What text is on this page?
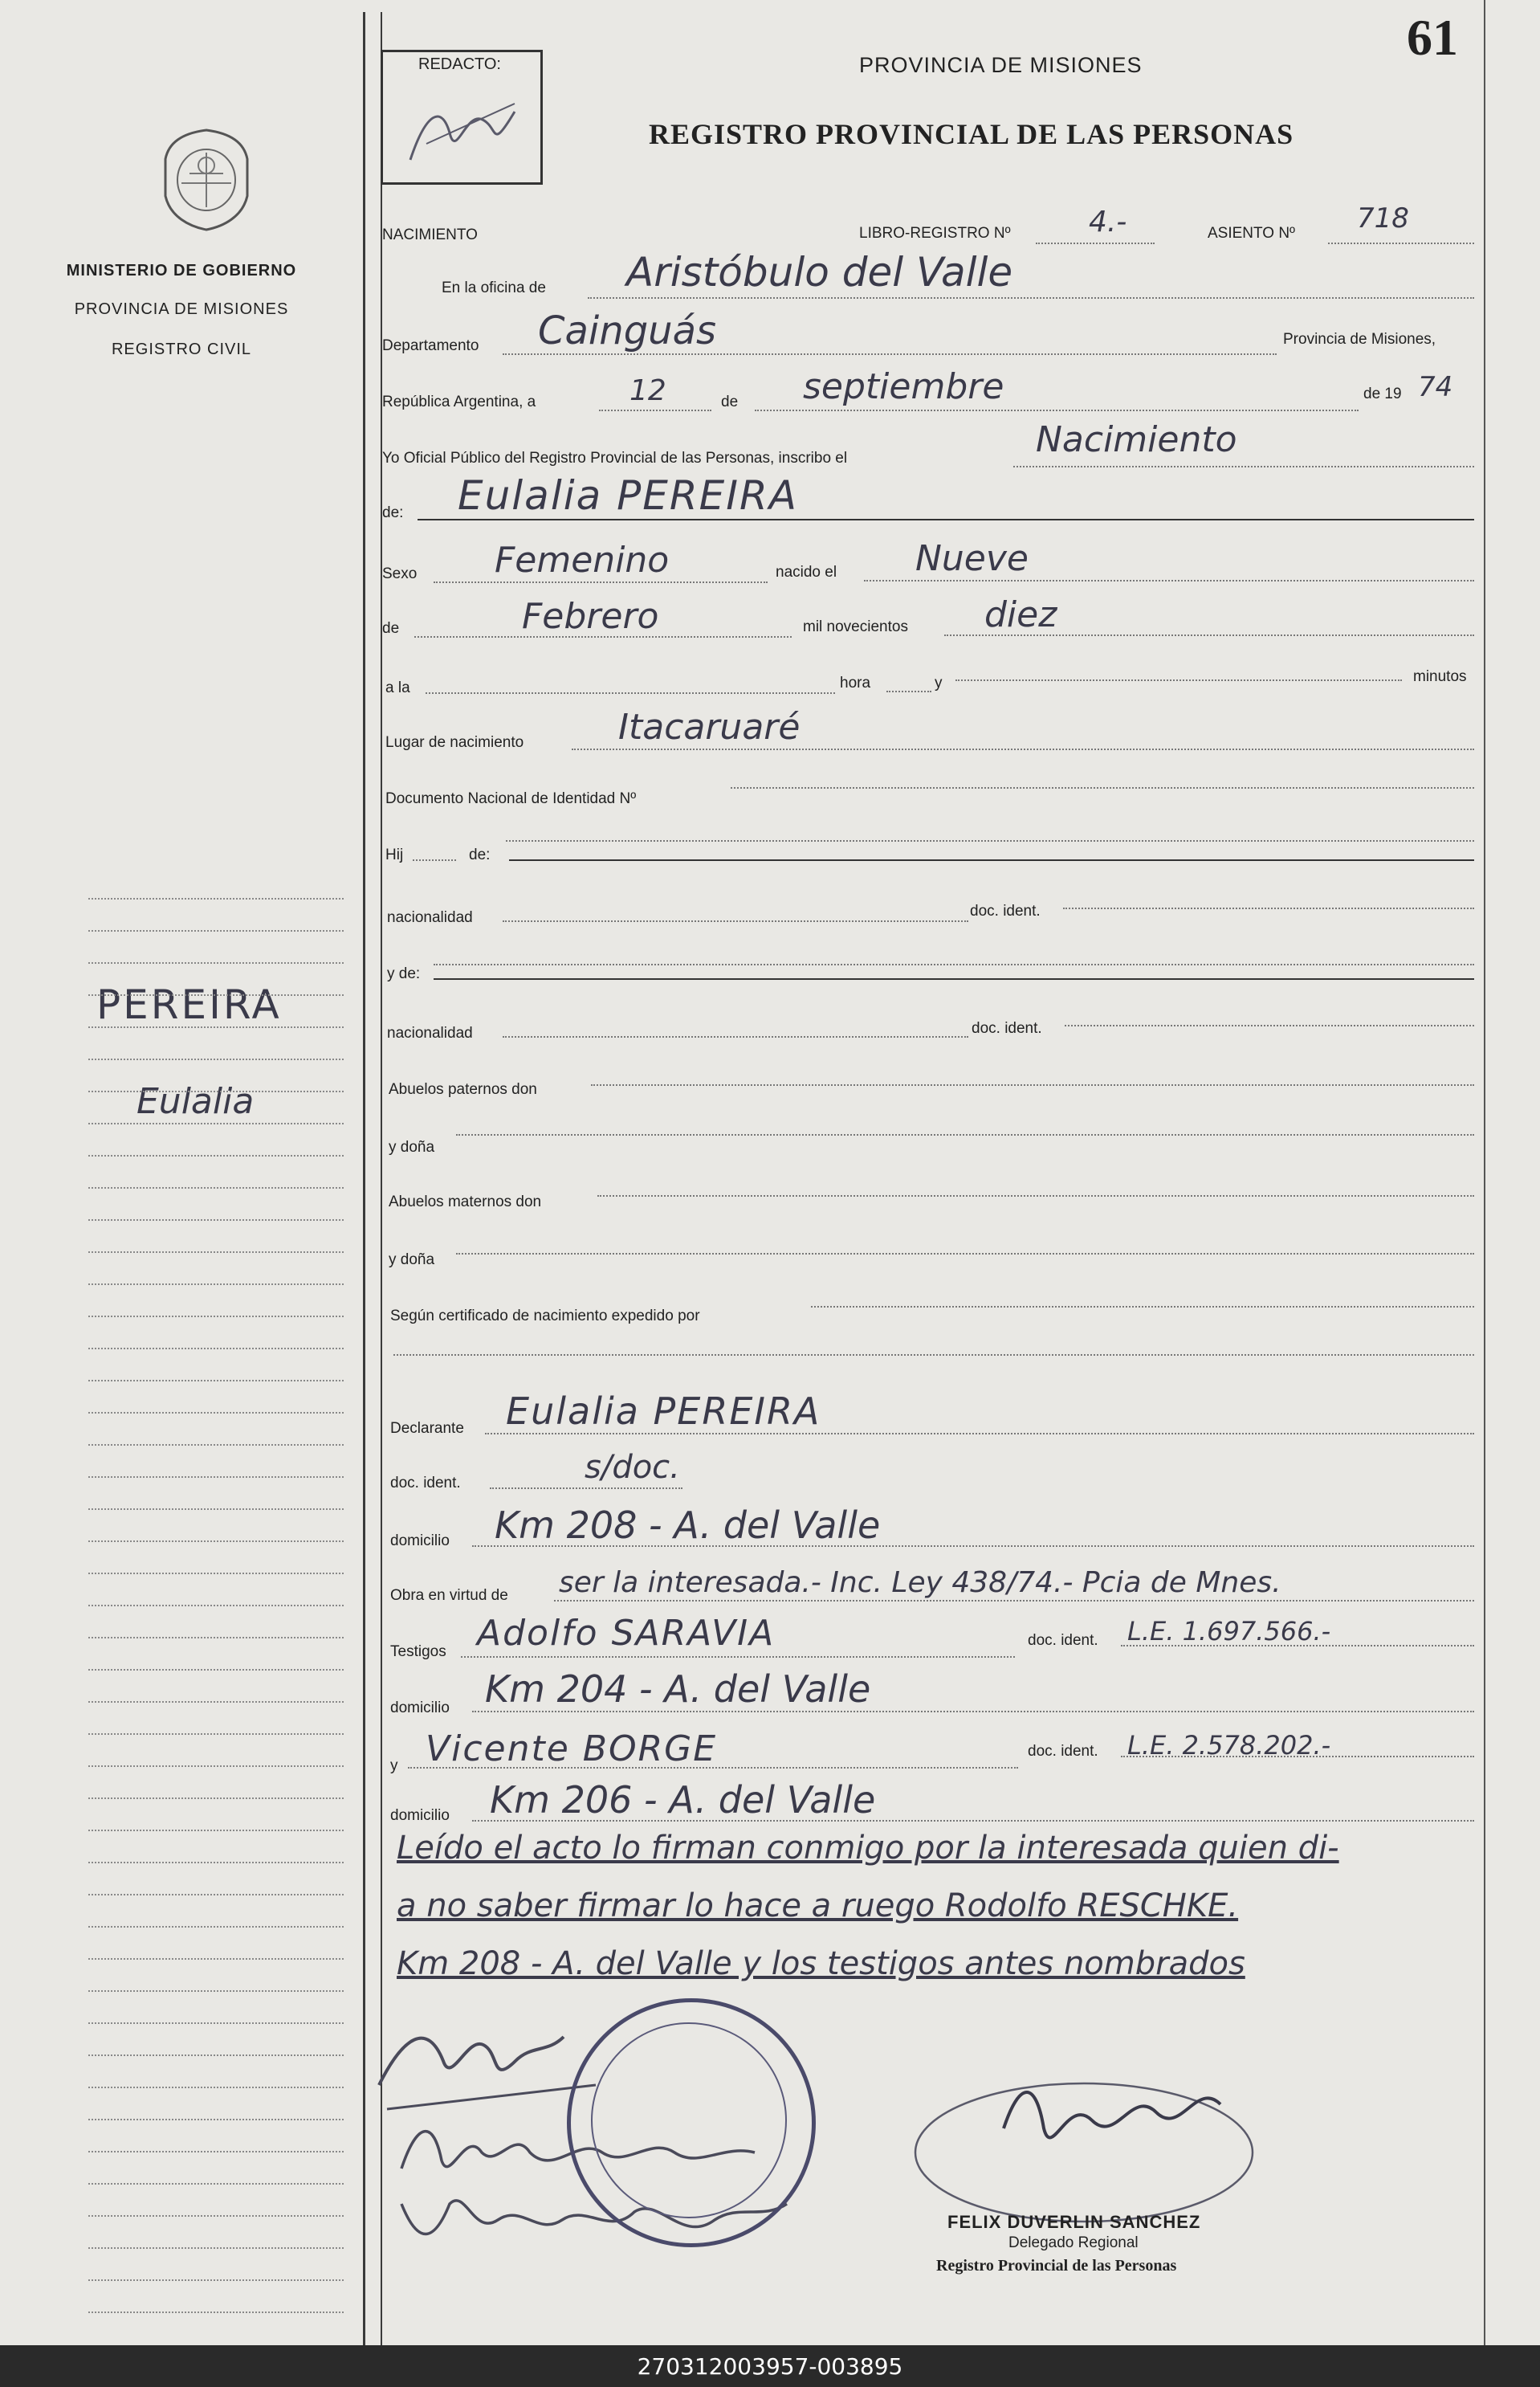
MINISTERIO DE GOBIERNO
PROVINCIA DE MISIONES
REGISTRO CIVIL
PEREIRA
Eulalia
61
REDACTO:	PROVINCIA DE MISIONES
REGISTRO PROVINCIAL DE LAS PERSONAS
NACIMIENTO	LIBRO-REGISTRO Nº	4.-	ASIENTO Nº 718
En la oficina de Aristóbulo del Valle
Departamento Cainguás	Provincia de Misiones,
República Argentina, a	12	de septiembre	de 19 74
Yo Oficial Público del Registro Provincial de las Personas, inscribo el	Nacimiento
de: Eulalia PEREIRA
Sexo Femenino	nacido el Nueve
de	Febrero	mil novecientos diez
a la	hora	y	minutos
Lugar de nacimiento	Itacaruaré
Documento Nacional de Identidad Nº
Hij	de:
nacionalidad	doc. ident.
y de:
nacionalidad	doc. ident.
Abuelos paternos don
y doña
Abuelos maternos don
y doña
Según certificado de nacimiento expedido por
Declarante Eulalia PEREIRA
doc. ident.	s/doc.
domicilio Km 208 - A. del Valle
Obra en virtud de ser la interesada.- Inc. Ley 438/74.- Pcia de Mnes.
Testigos Adolfo SARAVIA	doc. ident. L.E. 1.697.566.-
domicilio Km 204 - A. del Valle
y Vicente BORGE	doc. ident. L.E. 2.578.202.-
domicilio Km 206 - A. del Valle
Leído el acto lo firman conmigo por la interesada quien di-
a no saber firmar lo hace a ruego Rodolfo RESCHKE.
Km 208 - A. del Valle y los testigos antes nombrados
FELIX DUVERLIN SANCHEZ
Delegado Regional
Registro Provincial de las Personas
270312003957-003895
